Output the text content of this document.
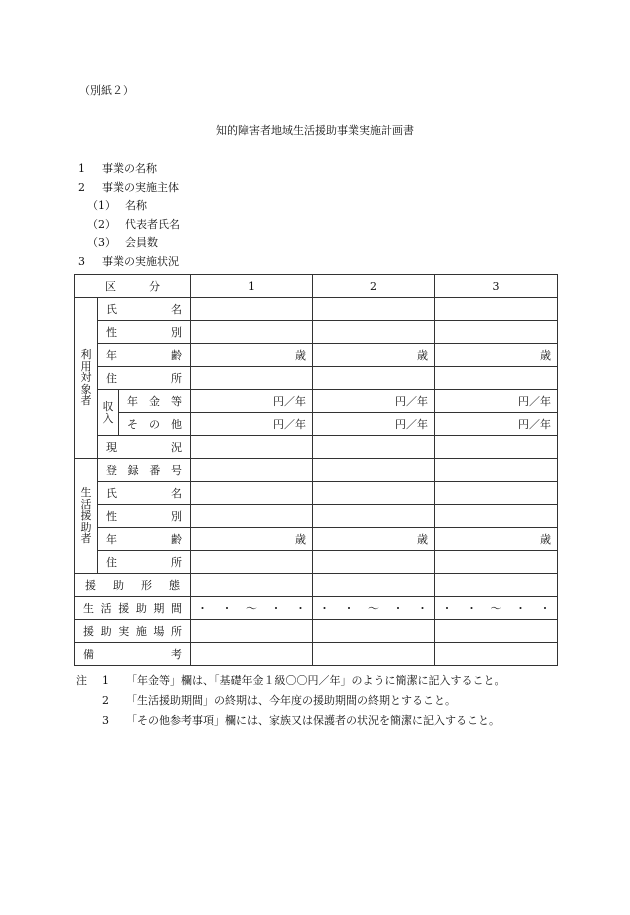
（別紙２）
知的障害者地域生活援助事業実施計画書
1 事業の名称
2 事業の実施主体
（1） 名称
（2） 代表者氏名
（3） 会員数
3 事業の実施状況
区　　　分			1	2	3
利用対象者	氏名				
	性別				
	年齢		歳	歳	歳
	住所				
	収入	年金等	円／年	円／年	円／年
		その他	円／年	円／年	円／年
	現況				
生活援助者	登録番号				
	氏名				
	性別				
	年齢		歳	歳	歳
	住所				
援助形態					
生活援助期間			・ ・ 〜 ・ ・	・ ・ 〜 ・ ・	・ ・ 〜 ・ ・
援助実施場所					
備考					
注 1 「年金等」欄は、「基礎年金１級〇〇円／年」のように簡潔に記入すること。
2 「生活援助期間」の終期は、今年度の援助期間の終期とすること。
3 「その他参考事項」欄には、家族又は保護者の状況を簡潔に記入すること。
